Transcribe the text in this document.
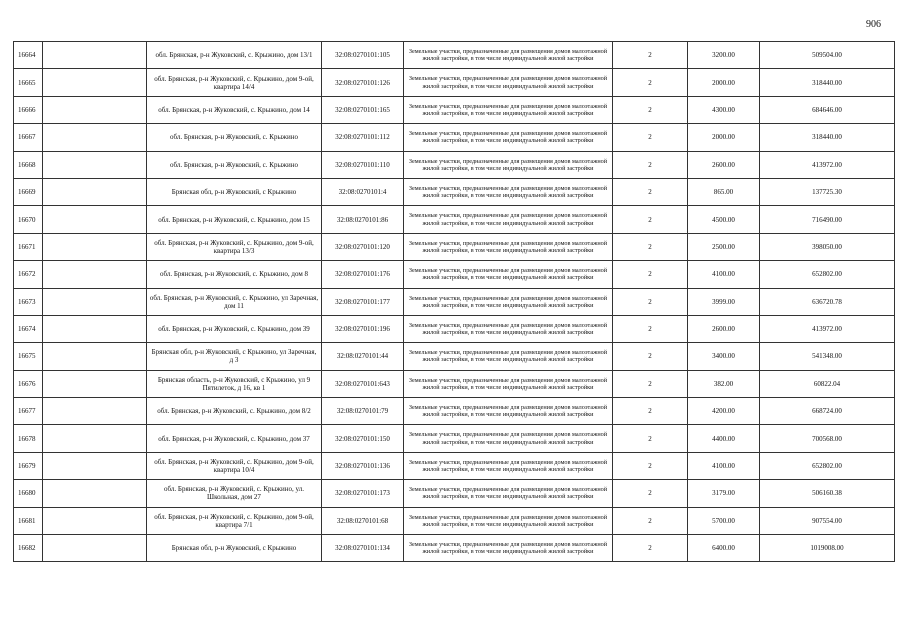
906
16664		обл. Брянская, р-н Жуковский, с. Крыжино, дом 13/1	32:08:0270101:105	Земельные участки, предназначенные для размещения домов малоэтажной жилой застройки, в том числе индивидуальной жилой застройки	2	3200.00	509504.00
16665		обл. Брянская, р-н Жуковский, с. Крыжино, дом 9-ой, квартира 14/4	32:08:0270101:126	Земельные участки, предназначенные для размещения домов малоэтажной жилой застройки, в том числе индивидуальной жилой застройки	2	2000.00	318440.00
16666		обл. Брянская, р-н Жуковский, с. Крыжино, дом 14	32:08:0270101:165	Земельные участки, предназначенные для размещения домов малоэтажной жилой застройки, в том числе индивидуальной жилой застройки	2	4300.00	684646.00
16667		обл. Брянская, р-н Жуковский, с. Крыжино	32:08:0270101:112	Земельные участки, предназначенные для размещения домов малоэтажной жилой застройки, в том числе индивидуальной жилой застройки	2	2000.00	318440.00
16668		обл. Брянская, р-н Жуковский, с. Крыжино	32:08:0270101:110	Земельные участки, предназначенные для размещения домов малоэтажной жилой застройки, в том числе индивидуальной жилой застройки	2	2600.00	413972.00
16669		Брянская обл, р-н Жуковский, с Крыжино	32:08:0270101:4	Земельные участки, предназначенные для размещения домов малоэтажной жилой застройки, в том числе индивидуальной жилой застройки	2	865.00	137725.30
16670		обл. Брянская, р-н Жуковский, с. Крыжино, дом 15	32:08:0270101:86	Земельные участки, предназначенные для размещения домов малоэтажной жилой застройки, в том числе индивидуальной жилой застройки	2	4500.00	716490.00
16671		обл. Брянская, р-н Жуковский, с. Крыжино, дом 9-ой, квартира 13/3	32:08:0270101:120	Земельные участки, предназначенные для размещения домов малоэтажной жилой застройки, в том числе индивидуальной жилой застройки	2	2500.00	398050.00
16672		обл. Брянская, р-н Жуковский, с. Крыжино, дом 8	32:08:0270101:176	Земельные участки, предназначенные для размещения домов малоэтажной жилой застройки, в том числе индивидуальной жилой застройки	2	4100.00	652802.00
16673		обл. Брянская, р-н Жуковский, с. Крыжино, ул Заречная, дом 11	32:08:0270101:177	Земельные участки, предназначенные для размещения домов малоэтажной жилой застройки, в том числе индивидуальной жилой застройки	2	3999.00	636720.78
16674		обл. Брянская, р-н Жуковский, с. Крыжино, дом 39	32:08:0270101:196	Земельные участки, предназначенные для размещения домов малоэтажной жилой застройки, в том числе индивидуальной жилой застройки	2	2600.00	413972.00
16675		Брянская обл, р-н Жуковский, с Крыжино, ул Заречная, д 3	32:08:0270101:44	Земельные участки, предназначенные для размещения домов малоэтажной жилой застройки, в том числе индивидуальной жилой застройки	2	3400.00	541348.00
16676		Брянская область, р-н Жуковский, с Крыжино, ул 9 Пятилеток, д 16, кв 1	32:08:0270101:643	Земельные участки, предназначенные для размещения домов малоэтажной жилой застройки, в том числе индивидуальной жилой застройки	2	382.00	60822.04
16677		обл. Брянская, р-н Жуковский, с. Крыжино, дом 8/2	32:08:0270101:79	Земельные участки, предназначенные для размещения домов малоэтажной жилой застройки, в том числе индивидуальной жилой застройки	2	4200.00	668724.00
16678		обл. Брянская, р-н Жуковский, с. Крыжино, дом 37	32:08:0270101:150	Земельные участки, предназначенные для размещения домов малоэтажной жилой застройки, в том числе индивидуальной жилой застройки	2	4400.00	700568.00
16679		обл. Брянская, р-н Жуковский, с. Крыжино, дом 9-ой, квартира 10/4	32:08:0270101:136	Земельные участки, предназначенные для размещения домов малоэтажной жилой застройки, в том числе индивидуальной жилой застройки	2	4100.00	652802.00
16680		обл. Брянская, р-н Жуковский, с. Крыжино, ул. Школьная, дом 27	32:08:0270101:173	Земельные участки, предназначенные для размещения домов малоэтажной жилой застройки, в том числе индивидуальной жилой застройки	2	3179.00	506160.38
16681		обл. Брянская, р-н Жуковский, с. Крыжино, дом 9-ой, квартира 7/1	32:08:0270101:68	Земельные участки, предназначенные для размещения домов малоэтажной жилой застройки, в том числе индивидуальной жилой застройки	2	5700.00	907554.00
16682		Брянская обл, р-н Жуковский, с Крыжино	32:08:0270101:134	Земельные участки, предназначенные для размещения домов малоэтажной жилой застройки, в том числе индивидуальной жилой застройки	2	6400.00	1019008.00
